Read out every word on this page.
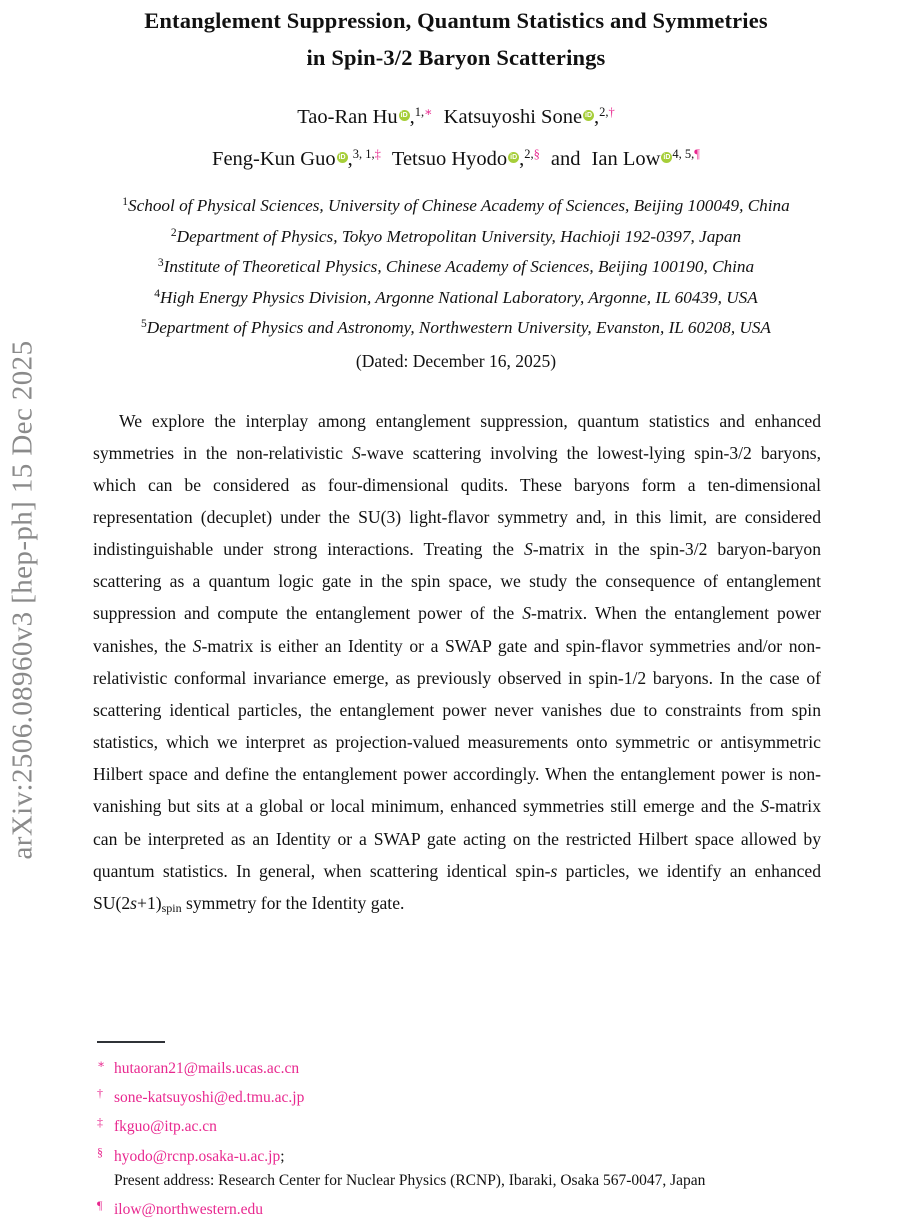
arXiv:2506.08960v3 [hep-ph] 15 Dec 2025
Entanglement Suppression, Quantum Statistics and Symmetries
in Spin-3/2 Baryon Scatterings
Tao-Ran Hu iD ,$^{1,∗}$ Katsuyoshi Sone iD ,$^{2,\dagger}$
Feng-Kun Guo iD ,$^{3, 1,\ddagger}$ Tetsuo Hyodo iD ,$^{2,\S}$ and Ian Low iD $^{4, 5,\P}$
$^1$School of Physical Sciences, University of Chinese Academy of Sciences, Beijing 100049, China
$^2$Department of Physics, Tokyo Metropolitan University, Hachioji 192-0397, Japan
$^3$Institute of Theoretical Physics, Chinese Academy of Sciences, Beijing 100190, China
$^4$High Energy Physics Division, Argonne National Laboratory, Argonne, IL 60439, USA
$^5$Department of Physics and Astronomy, Northwestern University, Evanston, IL 60208, USA
(Dated: December 16, 2025)

We explore the interplay among entanglement suppression, quantum statistics and enhanced symmetries in the non-relativistic S-wave scattering involving the lowest-lying spin-3/2 baryons, which can be considered as four-dimensional qudits. These baryons form a ten-dimensional representation (decuplet) under the SU(3) light-flavor symmetry and, in this limit, are considered indistinguishable under strong interactions. Treating the S-matrix in the spin-3/2 baryon-baryon scattering as a quantum logic gate in the spin space, we study the consequence of entanglement suppression and compute the entanglement power of the S-matrix. When the entanglement power vanishes, the S-matrix is either an Identity or a SWAP gate and spin-flavor symmetries and/or non-relativistic conformal invariance emerge, as previously observed in spin-1/2 baryons. In the case of scattering identical particles, the entanglement power never vanishes due to constraints from spin statistics, which we interpret as projection-valued measurements onto symmetric or antisymmetric Hilbert space and define the entanglement power accordingly. When the entanglement power is non-vanishing but sits at a global or local minimum, enhanced symmetries still emerge and the S-matrix can be interpreted as an Identity or a SWAP gate acting on the restricted Hilbert space allowed by quantum statistics. In general, when scattering identical spin-s particles, we identify an enhanced $SU(2s+1)_{spin}$ symmetry for the Identity gate.

∗ hutaoran21@mails.ucas.ac.cn
† sone-katsuyoshi@ed.tmu.ac.jp
‡ fkguo@itp.ac.cn
§ hyodo@rcnp.osaka-u.ac.jp;
Present address: Research Center for Nuclear Physics (RCNP), Ibaraki, Osaka 567-0047, Japan
¶ ilow@northwestern.edu
